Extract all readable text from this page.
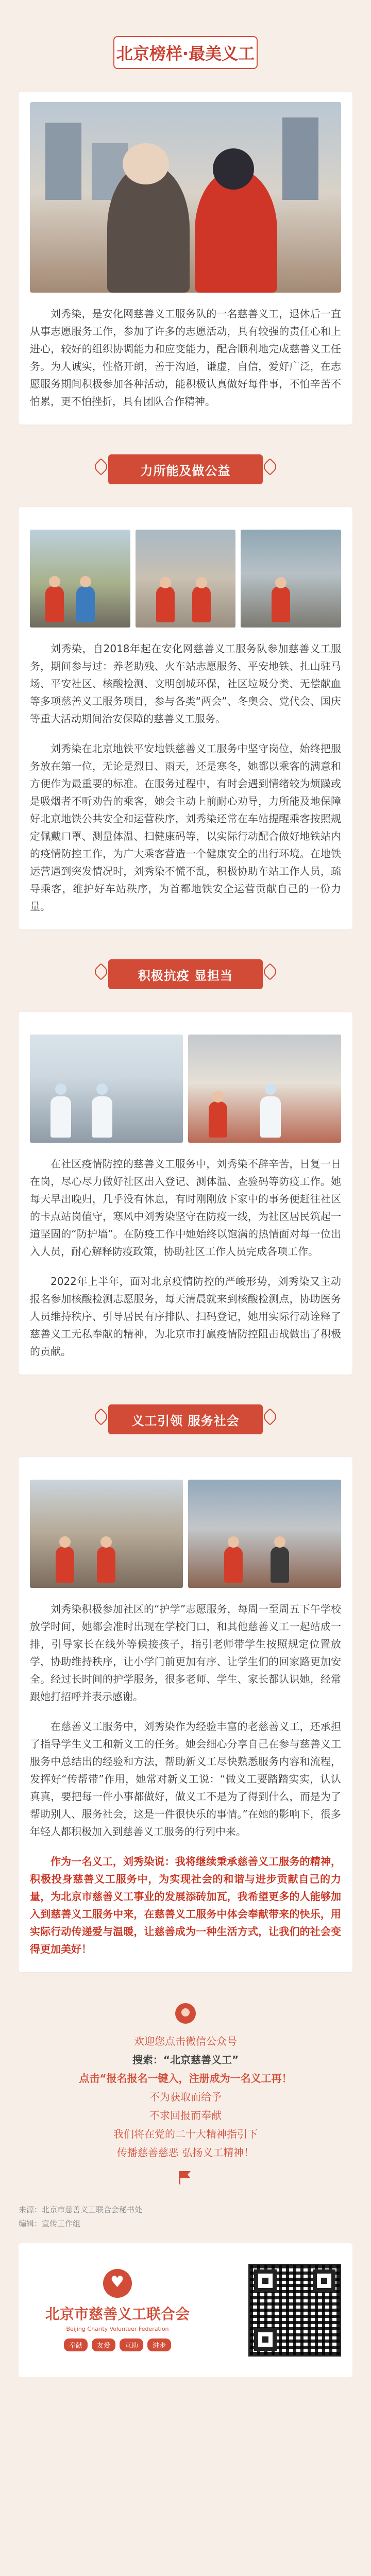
北京榜样·最美义工

刘秀染，是安化网慈善义工服务队的一名慈善义工，退休后一直从事志愿服务工作，参加了许多的志愿活动，具有较强的责任心和上进心，较好的组织协调能力和应变能力，配合顺利地完成慈善义工任务。为人诚实，性格开朗，善于沟通，谦虚，自信，爱好广泛，在志愿服务期间积极参加各种活动，能积极认真做好每件事，不怕辛苦不怕累，更不怕挫折，具有团队合作精神。

力所能及做公益

刘秀染，自2018年起在安化网慈善义工服务队参加慈善义工服务，期间参与过：养老助残、火车站志愿服务、平安地铁、扎山驻马场、平安社区、核酸检测、文明创城环保，社区垃圾分类、无偿献血等多项慈善义工服务项目，参与各类“两会”、冬奥会、党代会、国庆等重大活动期间治安保障的慈善义工服务。

刘秀染在北京地铁平安地铁慈善义工服务中坚守岗位，始终把服务放在第一位，无论是烈日、雨天，还是寒冬，她都以乘客的满意和方便作为最重要的标准。在服务过程中，有时会遇到情绪较为烦躁或是吸烟者不听劝告的乘客，她会主动上前耐心劝导，力所能及地保障好北京地铁公共安全和运营秩序，刘秀染还常在车站提醒乘客按照规定佩戴口罩、测量体温、扫健康码等，以实际行动配合做好地铁站内的疫情防控工作，为广大乘客营造一个健康安全的出行环境。在地铁运营遇到突发情况时，刘秀染不慌不乱，积极协助车站工作人员，疏导乘客，维护好车站秩序，为首都地铁安全运营贡献自己的一份力量。

积极抗疫 显担当

在社区疫情防控的慈善义工服务中，刘秀染不辞辛苦，日复一日在岗，尽心尽力做好社区出入登记、测体温、查验码等防疫工作。她每天早出晚归，几乎没有休息，有时刚刚放下家中的事务便赶往社区的卡点站岗值守，寒风中刘秀染坚守在防疫一线，为社区居民筑起一道坚固的“防护墙”。在防疫工作中她始终以饱满的热情面对每一位出入人员，耐心解释防疫政策，协助社区工作人员完成各项工作。

2022年上半年，面对北京疫情防控的严峻形势，刘秀染又主动报名参加核酸检测志愿服务，每天清晨就来到核酸检测点，协助医务人员维持秩序、引导居民有序排队、扫码登记，她用实际行动诠释了慈善义工无私奉献的精神，为北京市打赢疫情防控阻击战做出了积极的贡献。

义工引领 服务社会

刘秀染积极参加社区的“护学”志愿服务，每周一至周五下午学校放学时间，她都会准时出现在学校门口，和其他慈善义工一起站成一排，引导家长在线外等候接孩子，指引老师带学生按照规定位置放学，协助维持秩序，让小学门前更加有序、让学生们的回家路更加安全。经过长时间的护学服务，很多老师、学生、家长都认识她，经常跟她打招呼并表示感谢。

在慈善义工服务中，刘秀染作为经验丰富的老慈善义工，还承担了指导学生义工和新义工的任务。她会细心分享自己在参与慈善义工服务中总结出的经验和方法，帮助新义工尽快熟悉服务内容和流程，发挥好“传帮带”作用，她常对新义工说：“做义工要踏踏实实，认认真真，要把每一件小事都做好，做义工不是为了得到什么，而是为了帮助别人、服务社会，这是一件很快乐的事情。”在她的影响下，很多年轻人都积极加入到慈善义工服务的行列中来。

作为一名义工，刘秀染说：我将继续秉承慈善义工服务的精神，积极投身慈善义工服务中，为实现社会的和谐与进步贡献自己的力量，为北京市慈善义工事业的发展添砖加瓦，我希望更多的人能够加入到慈善义工服务中来，在慈善义工服务中体会奉献带来的快乐，用实际行动传递爱与温暖，让慈善成为一种生活方式，让我们的社会变得更加美好！

欢迎您点击微信公众号

搜索：“北京慈善义工”

点击“报名报名一键入，注册成为一名义工再！

不为获取而给予

不求回报而奉献

我们将在党的二十大精神指引下

传播慈善慈恶 弘扬义工精神！

来源：北京市慈善义工联合会秘书处
编辑：宣传工作组
♥
北京市慈善义工联合会
Beijing Charity Volunteer Federation
奉献	友爱	互助	进步
